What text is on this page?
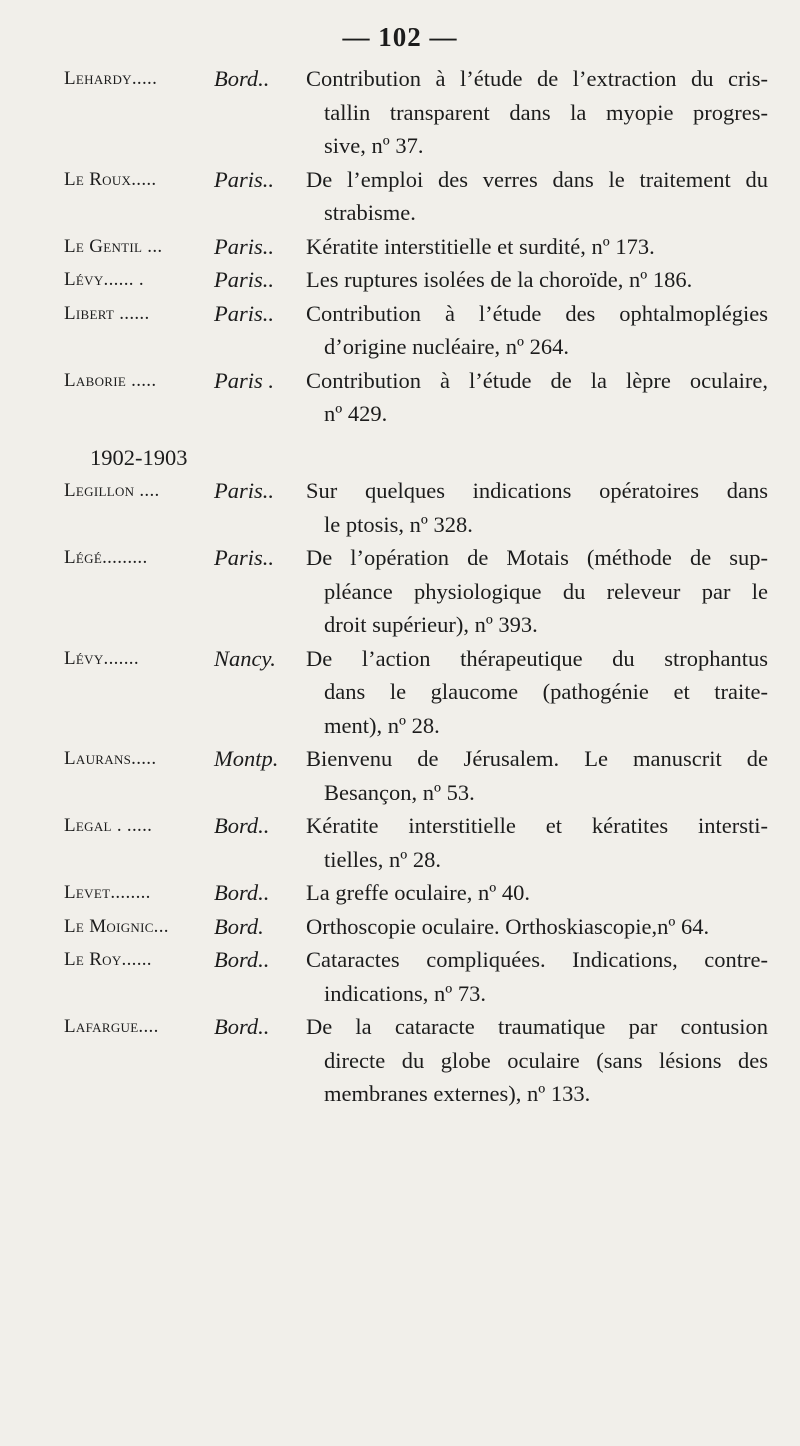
— 102 —
Lehardy.....	Bord..	Contribution à l’étude de l’extraction du cris-
tallin transparent dans la myopie progres-
sive, nº 37.
Le Roux.....	Paris..	De l’emploi des verres dans le traitement du
strabisme.
Le Gentil ...	Paris..	Kératite interstitielle et surdité, nº 173.
Lévy...... .	Paris..	Les ruptures isolées de la choroïde, nº 186.
Libert ......	Paris..	Contribution à l’étude des ophtalmoplégies
d’origine nucléaire, nº 264.
Laborie .....	Paris .	Contribution à l’étude de la lèpre oculaire,
nº 429.
1902-1903
Legillon ....	Paris..	Sur quelques indications opératoires dans
le ptosis, nº 328.
Légé.........	Paris..	De l’opération de Motais (méthode de sup-
pléance physiologique du releveur par le
droit supérieur), nº 393.
Lévy.......	Nancy.	De l’action thérapeutique du strophantus
dans le glaucome (pathogénie et traite-
ment), nº 28.
Laurans.....	Montp.	Bienvenu de Jérusalem. Le manuscrit de
Besançon, nº 53.
Legal . .....	Bord..	Kératite interstitielle et kératites intersti-
tielles, nº 28.
Levet........	Bord..	La greffe oculaire, nº 40.
Le Moignic...	Bord.	Orthoscopie oculaire. Orthoskiascopie,nº 64.
Le Roy......	Bord..	Cataractes compliquées. Indications, contre-
indications, nº 73.
Lafargue....	Bord..	De la cataracte traumatique par contusion
directe du globe oculaire (sans lésions des
membranes externes), nº 133.
